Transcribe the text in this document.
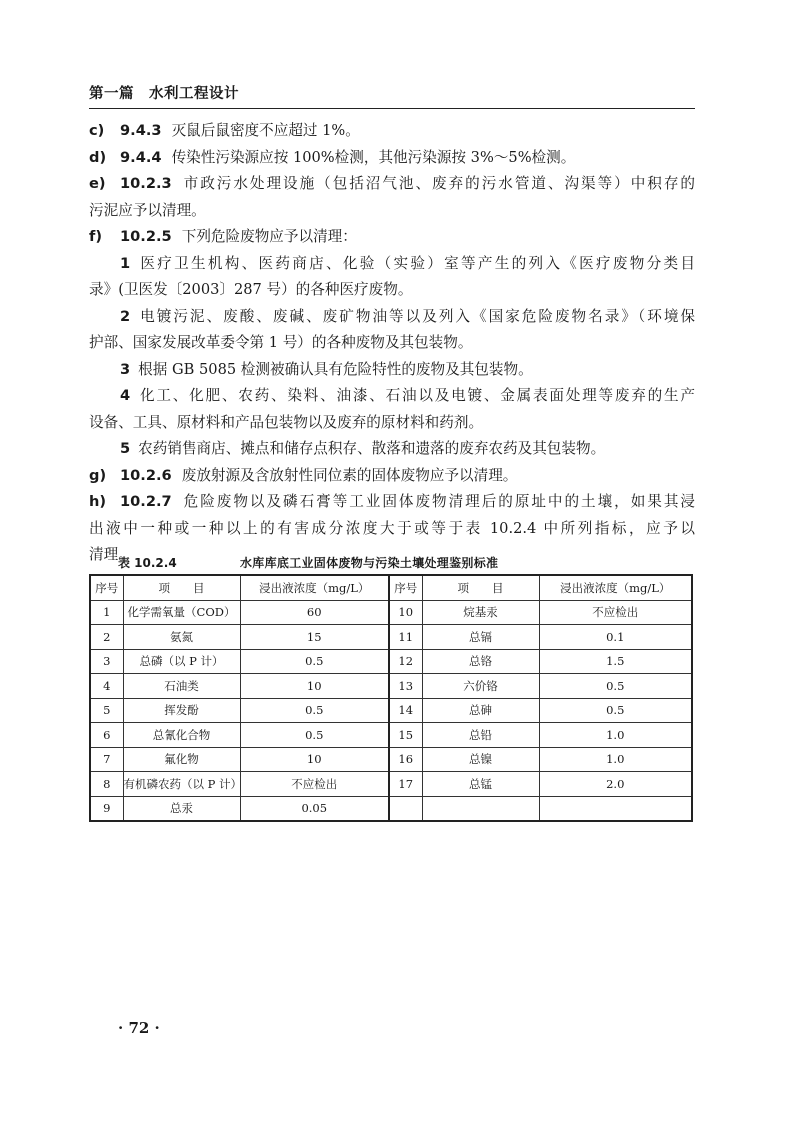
第一篇　水利工程设计
c) 9.4.3 灭鼠后鼠密度不应超过 1%。
d) 9.4.4 传染性污染源应按 100%检测，其他污染源按 3%～5%检测。
e) 10.2.3 市政污水处理设施（包括沼气池、废弃的污水管道、沟渠等）中积存的
污泥应予以清理。
f) 10.2.5 下列危险废物应予以清理：
1 医疗卫生机构、医药商店、化验（实验）室等产生的列入《医疗废物分类目
录》(卫医发〔2003〕287 号）的各种医疗废物。
2 电镀污泥、废酸、废碱、废矿物油等以及列入《国家危险废物名录》（环境保
护部、国家发展改革委令第 1 号）的各种废物及其包装物。
3 根据 GB 5085 检测被确认具有危险特性的废物及其包装物。
4 化工、化肥、农药、染料、油漆、石油以及电镀、金属表面处理等废弃的生产
设备、工具、原材料和产品包装物以及废弃的原材料和药剂。
5 农药销售商店、摊点和储存点积存、散落和遗落的废弃农药及其包装物。
g) 10.2.6 废放射源及含放射性同位素的固体废物应予以清理。
h) 10.2.7 危险废物以及磷石膏等工业固体废物清理后的原址中的土壤，如果其浸
出液中一种或一种以上的有害成分浓度大于或等于表 10.2.4 中所列指标，应予以
清理。
表 10.2.4	水库库底工业固体废物与污染土壤处理鉴别标准
序号	项　　目	浸出液浓度（mg/L）	序号	项　　目	浸出液浓度（mg/L）
1	化学需氧量（COD）	60	10	烷基汞	不应检出
2	氨氮	15	11	总镉	0.1
3	总磷（以 P 计）	0.5	12	总铬	1.5
4	石油类	10	13	六价铬	0.5
5	挥发酚	0.5	14	总砷	0.5
6	总氰化合物	0.5	15	总铅	1.0
7	氟化物	10	16	总镍	1.0
8	有机磷农药（以 P 计）	不应检出	17	总锰	2.0
9	总汞	0.05			
· 72 ·
